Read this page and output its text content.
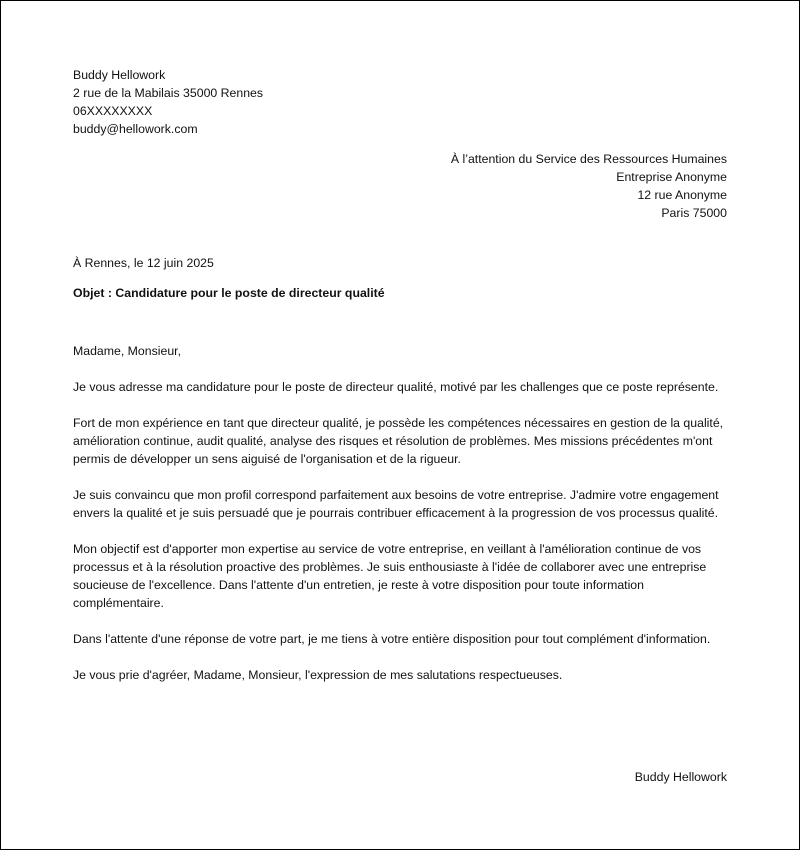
Buddy Hellowork
2 rue de la Mabilais 35000 Rennes
06XXXXXXXX
buddy@hellowork.com
À l’attention du Service des Ressources Humaines
Entreprise Anonyme
12 rue Anonyme
Paris 75000
À Rennes, le 12 juin 2025
Objet : Candidature pour le poste de directeur qualité

Madame, Monsieur,

Je vous adresse ma candidature pour le poste de directeur qualité, motivé par les challenges que ce poste représente.

Fort de mon expérience en tant que directeur qualité, je possède les compétences nécessaires en gestion de la qualité, amélioration continue, audit qualité, analyse des risques et résolution de problèmes. Mes missions précédentes m'ont permis de développer un sens aiguisé de l'organisation et de la rigueur.

Je suis convaincu que mon profil correspond parfaitement aux besoins de votre entreprise. J'admire votre engagement envers la qualité et je suis persuadé que je pourrais contribuer efficacement à la progression de vos processus qualité.

Mon objectif est d'apporter mon expertise au service de votre entreprise, en veillant à l'amélioration continue de vos processus et à la résolution proactive des problèmes. Je suis enthousiaste à l'idée de collaborer avec une entreprise soucieuse de l'excellence. Dans l'attente d'un entretien, je reste à votre disposition pour toute information complémentaire.

Dans l'attente d'une réponse de votre part, je me tiens à votre entière disposition pour tout complément d'information.

Je vous prie d'agréer, Madame, Monsieur, l'expression de mes salutations respectueuses.

Buddy Hellowork
